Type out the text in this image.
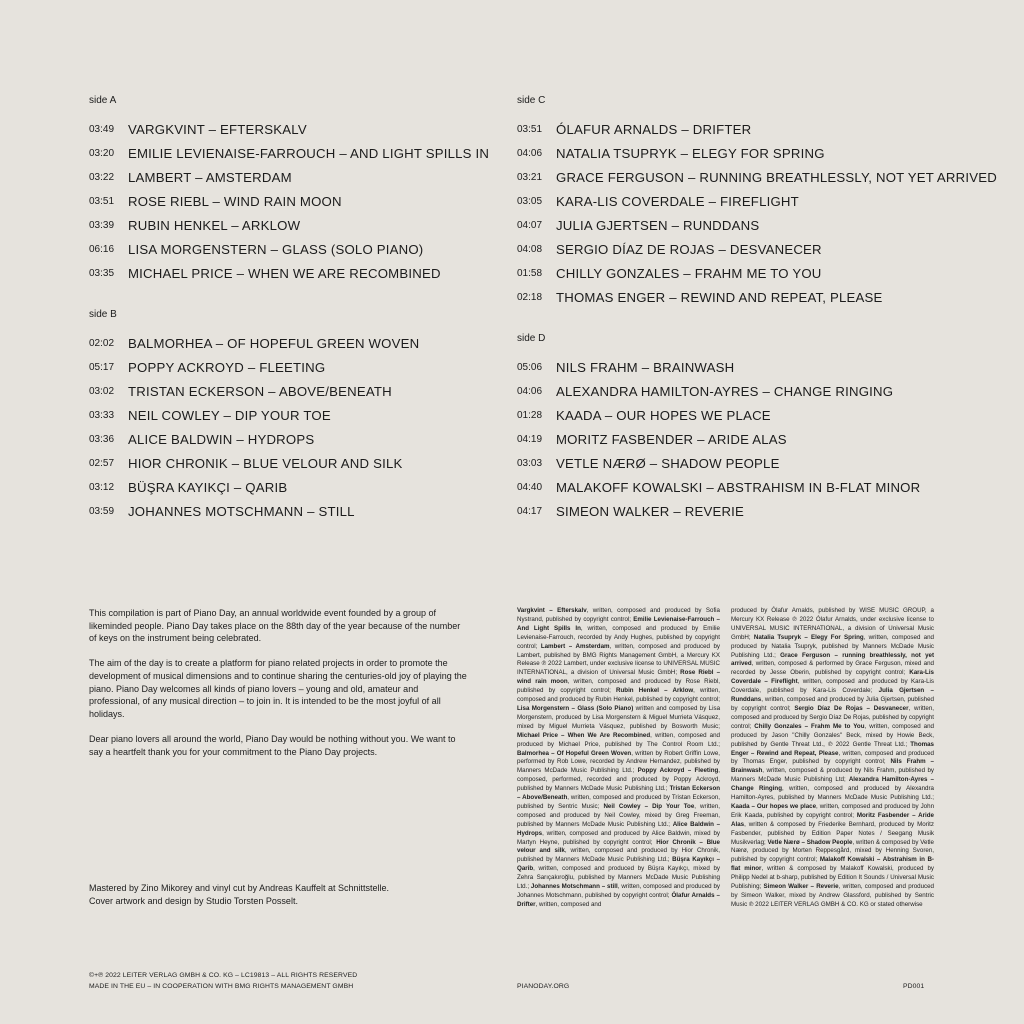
side A
03:49	VARGKVINT – EFTERSKALV
03:20	EMILIE LEVIENAISE-FARROUCH – AND LIGHT SPILLS IN
03:22	LAMBERT – AMSTERDAM
03:51	ROSE RIEBL – WIND RAIN MOON
03:39	RUBIN HENKEL – ARKLOW
06:16	LISA MORGENSTERN – GLASS (SOLO PIANO)
03:35	MICHAEL PRICE – WHEN WE ARE RECOMBINED
side B
02:02	BALMORHEA – OF HOPEFUL GREEN WOVEN
05:17	POPPY ACKROYD – FLEETING
03:02	TRISTAN ECKERSON – ABOVE/BENEATH
03:33	NEIL COWLEY – DIP YOUR TOE
03:36	ALICE BALDWIN – HYDROPS
02:57	HIOR CHRONIK – BLUE VELOUR AND SILK
03:12	BÜŞRA KAYIKÇI – QARIB
03:59	JOHANNES MOTSCHMANN – STILL
side C
03:51	ÓLAFUR ARNALDS – DRIFTER
04:06	NATALIA TSUPRYK – ELEGY FOR SPRING
03:21	GRACE FERGUSON – RUNNING BREATHLESSLY, NOT YET ARRIVED
03:05	KARA-LIS COVERDALE – FIREFLIGHT
04:07	JULIA GJERTSEN – RUNDDANS
04:08	SERGIO DÍAZ DE ROJAS – DESVANECER
01:58	CHILLY GONZALES – FRAHM ME TO YOU
02:18	THOMAS ENGER – REWIND AND REPEAT, PLEASE
side D
05:06	NILS FRAHM – BRAINWASH
04:06	ALEXANDRA HAMILTON-AYRES – CHANGE RINGING
01:28	KAADA – OUR HOPES WE PLACE
04:19	MORITZ FASBENDER – ARIDE ALAS
03:03	VETLE NÆRØ – SHADOW PEOPLE
04:40	MALAKOFF KOWALSKI – ABSTRAHISM IN B-FLAT MINOR
04:17	SIMEON WALKER – REVERIE

This compilation is part of Piano Day, an annual worldwide event founded by a group of likeminded people. Piano Day takes place on the 88th day of the year because of the number of keys on the instrument being celebrated.

The aim of the day is to create a platform for piano related projects in order to promote the development of musical dimensions and to continue sharing the centuries-old joy of playing the piano. Piano Day welcomes all kinds of piano lovers – young and old, amateur and professional, of any musical direction – to join in. It is intended to be the most joyful of all holidays.

Dear piano lovers all around the world, Piano Day would be nothing without you. We want to say a heartfelt thank you for your commitment to the Piano Day projects.

Mastered by Zino Mikorey and vinyl cut by Andreas Kauffelt at Schnittstelle.
Cover artwork and design by Studio Torsten Posselt.
Vargkvint – Efterskalv, written, composed and produced by Sofia Nystrand, published by copyright control; Emilie Levienaise-Farrouch – And Light Spills In, written, composed and produced by Emilie Levienaise-Farrouch, recorded by Andy Hughes, published by copyright control; Lambert – Amsterdam, written, composed and produced by Lambert, published by BMG Rights Management GmbH, a Mercury KX Release ℗ 2022 Lambert, under exclusive license to UNIVERSAL MUSIC INTERNATIONAL, a division of Universal Music GmbH; Rose Riebl – wind rain moon, written, composed and produced by Rose Riebl, published by copyright control; Rubin Henkel – Arklow, written, composed and produced by Rubin Henkel, published by copyright control; Lisa Morgenstern – Glass (Solo Piano) written and composed by Lisa Morgenstern, produced by Lisa Morgenstern & Miguel Murrieta Vásquez, mixed by Miguel Murrieta Vásquez, published by Bosworth Music; Michael Price – When We Are Recombined, written, composed and produced by Michael Price, published by The Control Room Ltd.; Balmorhea – Of Hopeful Green Woven, written by Robert Griffin Lowe, performed by Rob Lowe, recorded by Andrew Hernandez, published by Manners McDade Music Publishing Ltd.; Poppy Ackroyd – Fleeting, composed, performed, recorded and produced by Poppy Ackroyd, published by Manners McDade Music Publishing Ltd.; Tristan Eckerson – Above/Beneath, written, composed and produced by Tristan Eckerson, published by Sentric Music; Neil Cowley – Dip Your Toe, written, composed and produced by Neil Cowley, mixed by Greg Freeman, published by Manners McDade Music Publishing Ltd.; Alice Baldwin – Hydrops, written, composed and produced by Alice Baldwin, mixed by Martyn Heyne, published by copyright control; Hior Chronik – Blue velour and silk, written, composed and produced by Hior Chronik, published by Manners McDade Music Publishing Ltd.; Büşra Kayıkçı – Qarib, written, composed and produced by Büşra Kayıkçı, mixed by Zehra Sarıçakıroğlu, published by Manners McDade Music Publishing Ltd.; Johannes Motschmann – still, written, composed and produced by Johannes Motschmann, published by copyright control; Ólafur Arnalds – Drifter, written, composed and
produced by Ólafur Arnalds, published by WISE MUSIC GROUP, a Mercury KX Release ℗ 2022 Ólafur Arnalds, under exclusive license to UNIVERSAL MUSIC INTERNATIONAL, a division of Universal Music GmbH; Natalia Tsupryk – Elegy For Spring, written, composed and produced by Natalia Tsupryk, published by Manners McDade Music Publishing Ltd.; Grace Ferguson – running breathlessly, not yet arrived, written, composed & performed by Grace Ferguson, mixed and recorded by Jesse Oberin, published by copyright control; Kara-Lis Coverdale – Fireflight, written, composed and produced by Kara-Lis Coverdale, published by Kara-Lis Coverdale; Julia Gjertsen – Runddans, written, composed and produced by Julia Gjertsen, published by copyright control; Sergio Díaz De Rojas – Desvanecer, written, composed and produced by Sergio Díaz De Rojas, published by copyright control; Chilly Gonzales – Frahm Me to You, written, composed and produced by Jason "Chilly Gonzales" Beck, mixed by Howie Beck, published by Gentle Threat Ltd., ℗ 2022 Gentle Threat Ltd.; Thomas Enger – Rewind and Repeat, Please, written, composed and produced by Thomas Enger, published by copyright control; Nils Frahm – Brainwash, written, composed & produced by Nils Frahm, published by Manners McDade Music Publishing Ltd; Alexandra Hamilton-Ayres – Change Ringing, written, composed and produced by Alexandra Hamilton-Ayres, published by Manners McDade Music Publishing Ltd.; Kaada – Our hopes we place, written, composed and produced by John Erik Kaada, published by copyright control; Moritz Fasbender – Aride Alas, written & composed by Friederike Bernhard, produced by Moritz Fasbender, published by Edition Paper Notes / Seegang Musik Musikverlag; Vetle Nærø – Shadow People, written & composed by Vetle Nærø, produced by Morten Reppesgård, mixed by Henning Svoren, published by copyright control; Malakoff Kowalski – Abstrahism in B-flat minor, written & composed by Malakoff Kowalski, produced by Philipp Nedel at b-sharp, published by Edition It Sounds / Universal Music Publishing; Simeon Walker – Reverie, written, composed and produced by Simeon Walker, mixed by Andrew Glassford, published by Sentric Music ℗ 2022 LEITER VERLAG GMBH & CO. KG or stated otherwise
©+℗ 2022 LEITER VERLAG GMBH & CO. KG – LC19813 – ALL RIGHTS RESERVED
MADE IN THE EU – IN COOPERATION WITH BMG RIGHTS MANAGEMENT GMBH	PIANODAY.ORG	PD001
